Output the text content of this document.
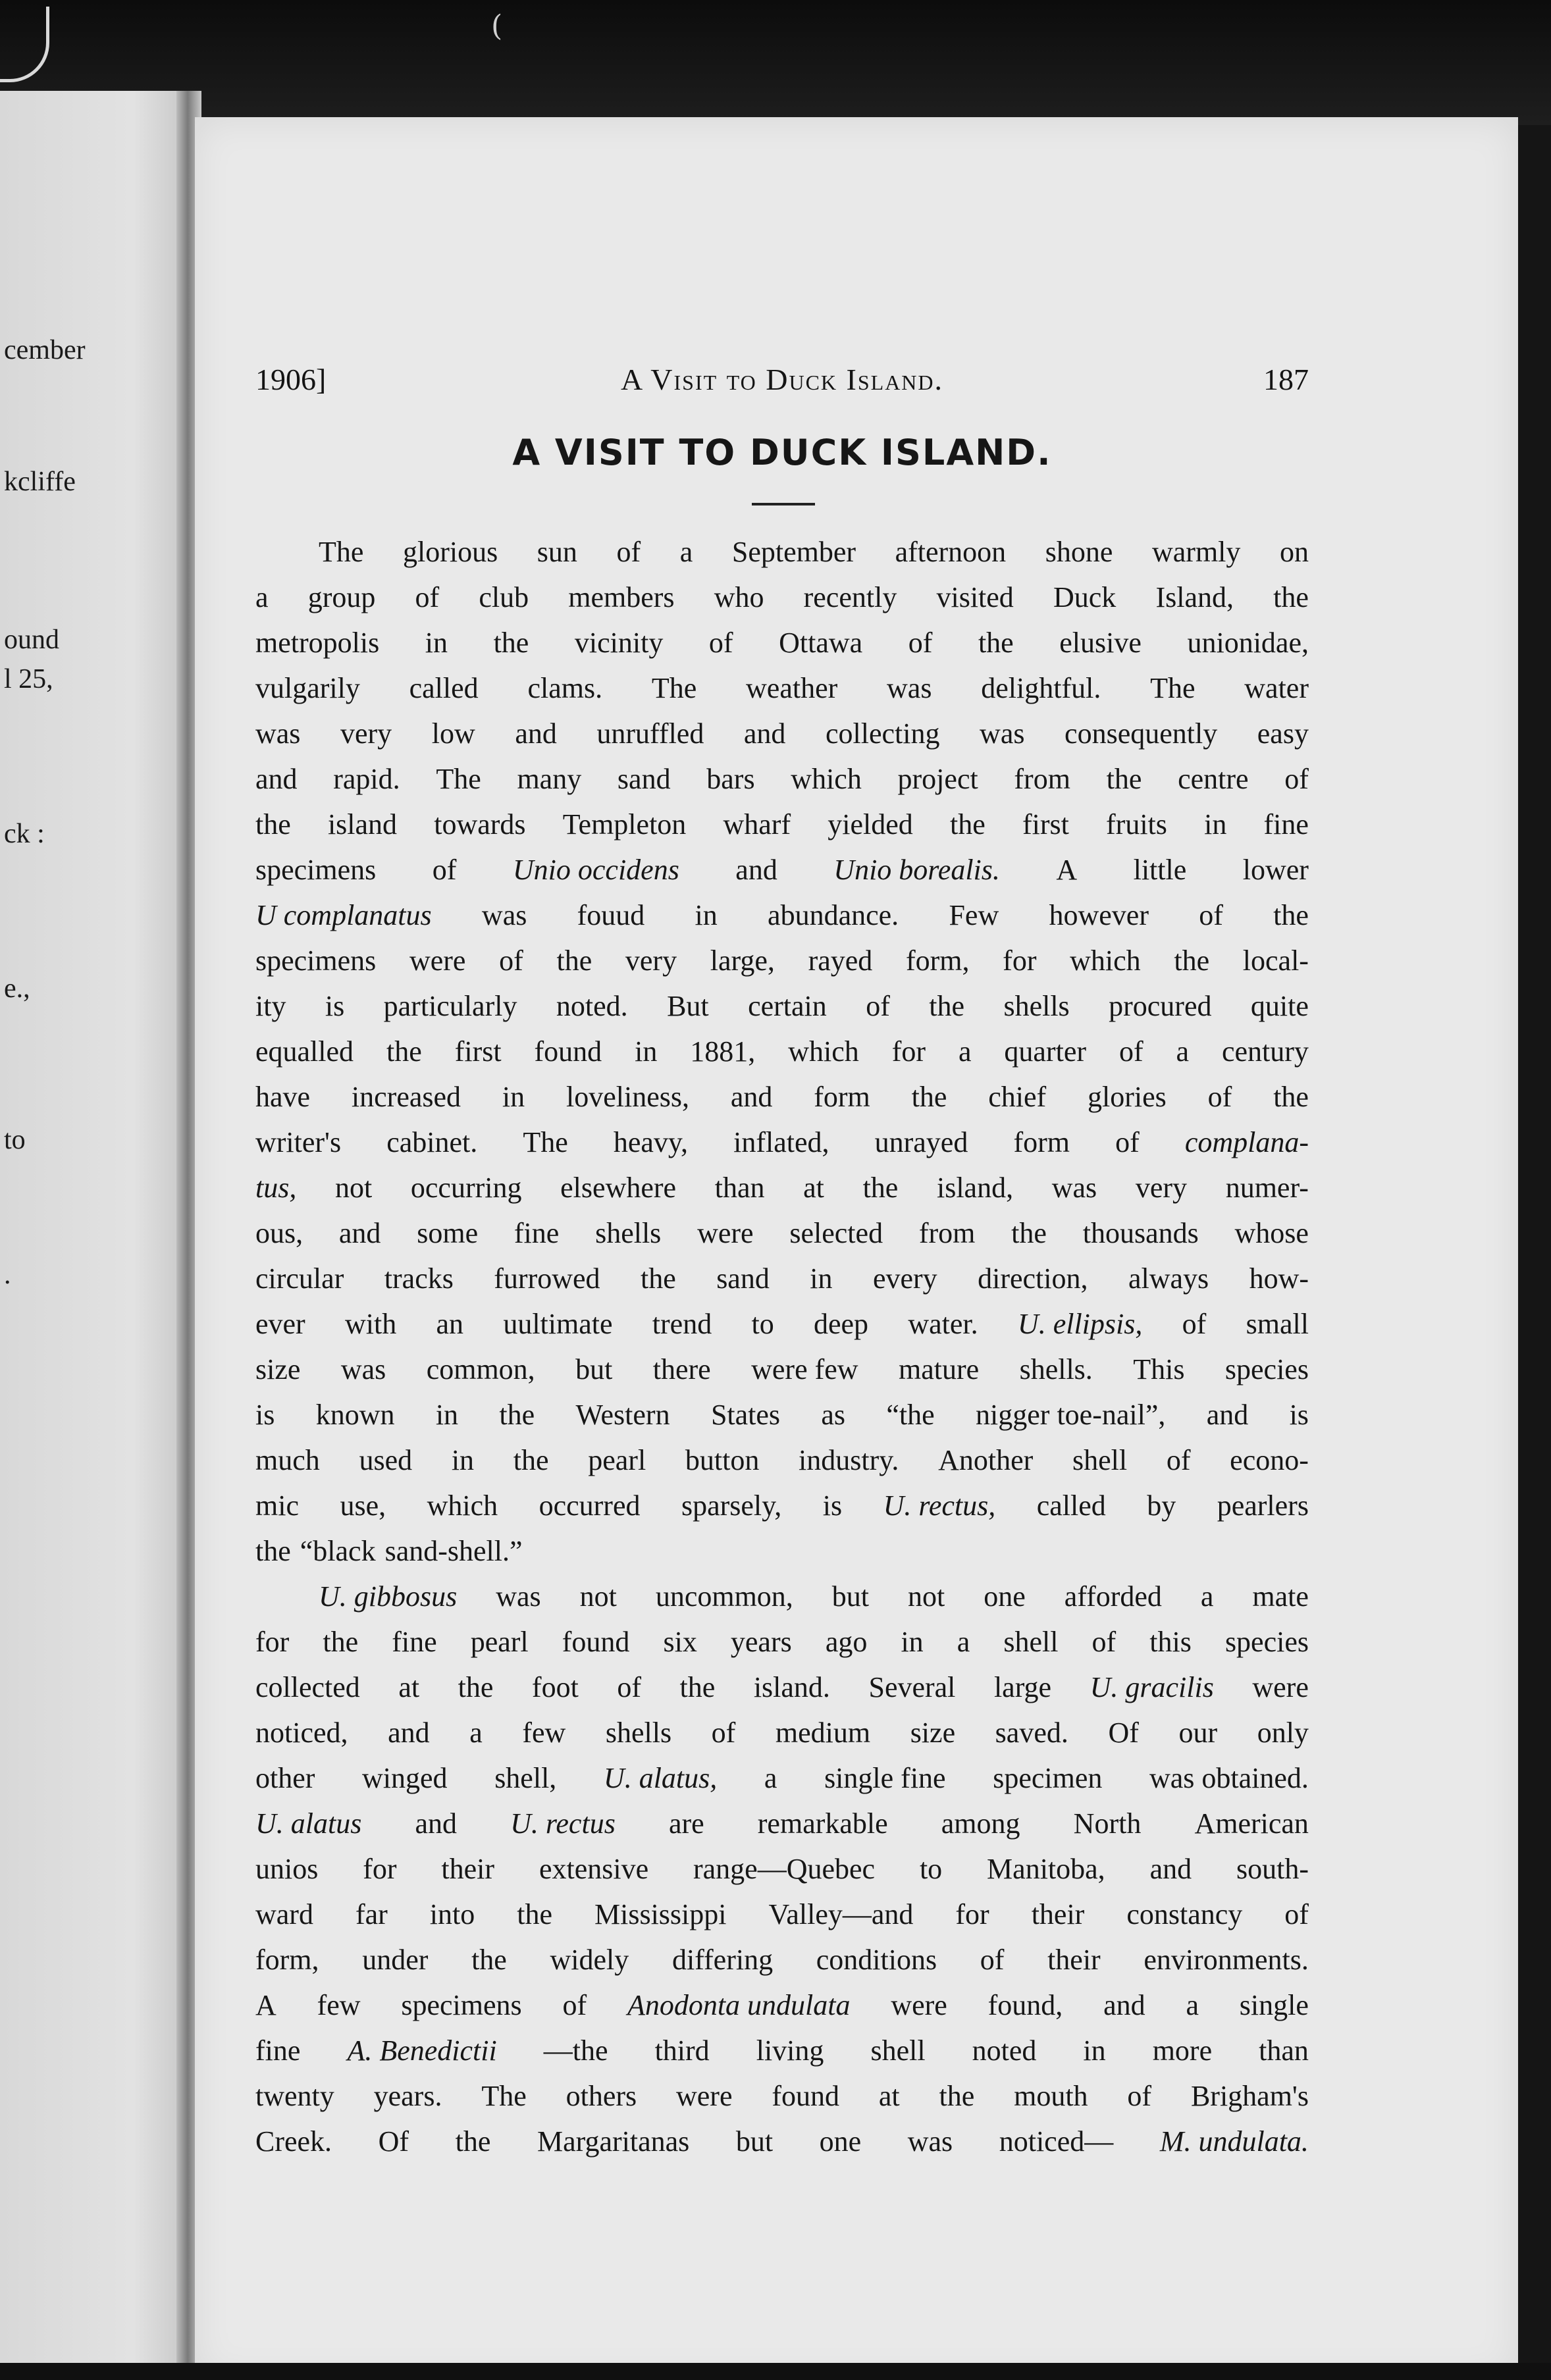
(
cember
kcliffe
ound
l 25,
ck :
e.,
to
.
1906]	A Visit to Duck Island.	187
A VISIT TO DUCK ISLAND.
The glorious sun of a September afternoon shone warmly on
a group of club members who recently visited Duck Island, the
metropolis in the vicinity of Ottawa of the elusive unionidae,
vulgarily called clams. The weather was delightful. The water
was very low and unruffled and collecting was consequently easy
and rapid. The many sand bars which project from the centre of
the island towards Templeton wharf yielded the first fruits in fine
specimens of Unio occidens and Unio borealis. A little lower
U complanatus was fouud in abundance. Few however of the
specimens were of the very large, rayed form, for which the local-
ity is particularly noted. But certain of the shells procured quite
equalled the first found in 1881, which for a quarter of a century
have increased in loveliness, and form the chief glories of the
writer's cabinet. The heavy, inflated, unrayed form of complana-
tus, not occurring elsewhere than at the island, was very numer-
ous, and some fine shells were selected from the thousands whose
circular tracks furrowed the sand in every direction, always how-
ever with an uultimate trend to deep water. U. ellipsis, of small
size was common, but there were few mature shells. This species
is known in the Western States as “the nigger toe-nail”, and is
much used in the pearl button industry. Another shell of econo-
mic use, which occurred sparsely, is U. rectus, called by pearlers
the “black sand-shell.”
U. gibbosus was not uncommon, but not one afforded a mate
for the fine pearl found six years ago in a shell of this species
collected at the foot of the island. Several large U. gracilis were
noticed, and a few shells of medium size saved. Of our only
other winged shell, U. alatus, a single fine specimen was obtained.
U. alatus and U. rectus are remarkable among North American
unios for their extensive range—Quebec to Manitoba, and south-
ward far into the Mississippi Valley—and for their constancy of
form, under the widely differing conditions of their environments.
A few specimens of Anodonta undulata were found, and a single
fine A. Benedictii —the third living shell noted in more than
twenty years. The others were found at the mouth of Brigham's
Creek. Of the Margaritanas but one was noticed— M. undulata.
